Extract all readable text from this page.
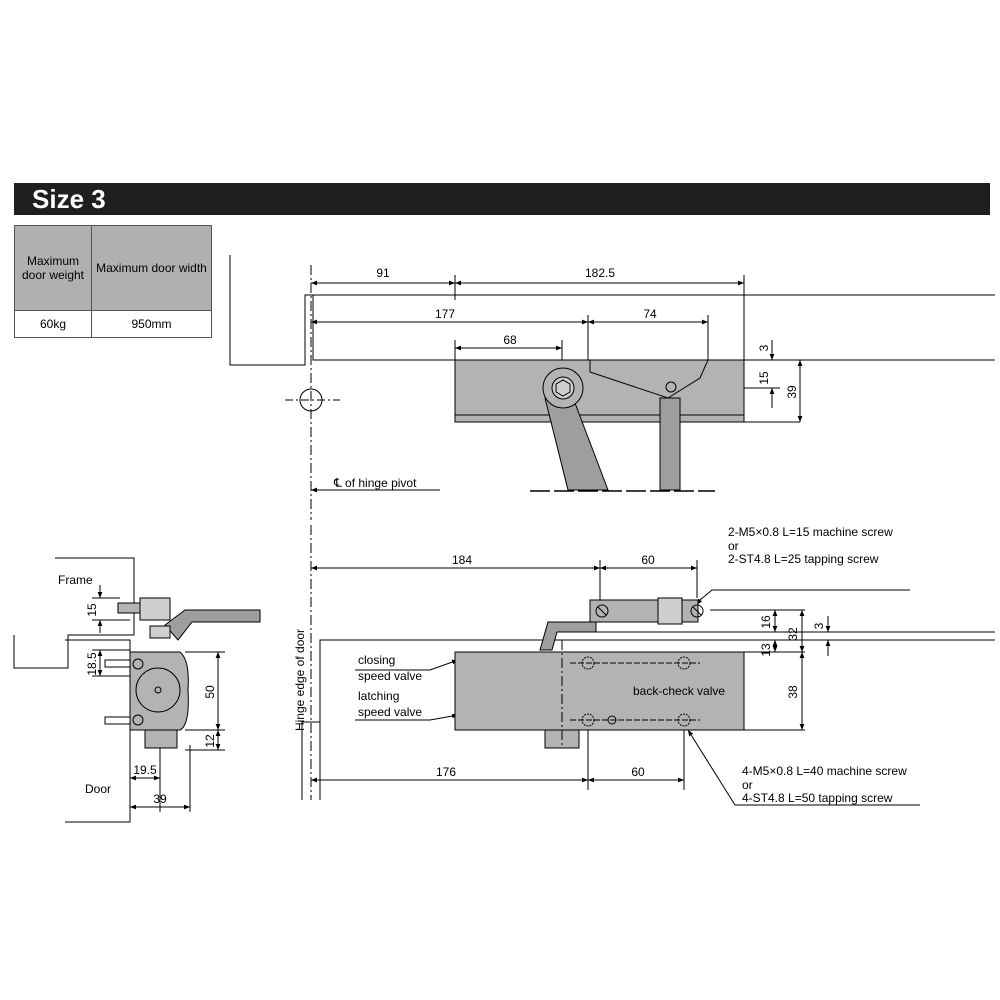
Size 3
Maximum door weight	Maximum door width
60kg	950mm
91	182.5
177	74
68
3
15
39
℄ of hinge pivot
Hinge edge of door
184	60
176	60
16
32
3
13
38
2-M5×0.8 L=15 machine screw
or
2-ST4.8 L=25 tapping screw
closing
speed valve
latching
speed valve
back-check valve
4-M5×0.8 L=40 machine screw
or
4-ST4.8 L=50 tapping screw
Frame
Door
15
18.5
50
12
19.5
39
